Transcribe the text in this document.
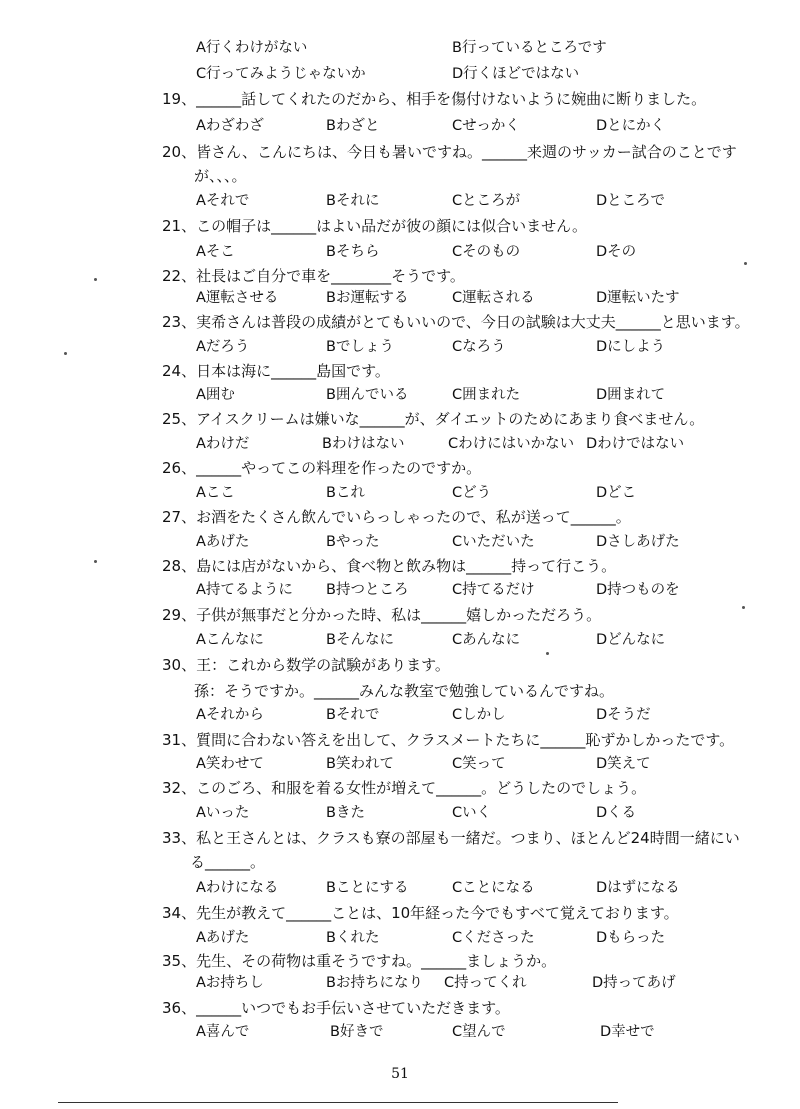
A行くわけがない	B行っているところです
C行ってみようじゃないか	D行くほどではない
19、______話してくれたのだから、相手を傷付けないように婉曲に断りました。
Aわざわざ	Bわざと	Cせっかく	Dとにかく
20、皆さん、こんにちは、今日も暑いですね。______来週のサッカー試合のことです
が、、、。
Aそれで	Bそれに	Cところが	Dところで
21、この帽子は______はよい品だが彼の顔には似合いません。
Aそこ	Bそちら	Cそのもの	Dその
22、社長はご自分で車を________そうです。
A運転させる	Bお運転する	C運転される	D運転いたす
23、実希さんは普段の成績がとてもいいので、今日の試験は大丈夫______と思います。
Aだろう	Bでしょう	Cなろう	Dにしよう
24、日本は海に______島国です。
A囲む	B囲んでいる	C囲まれた	D囲まれて
25、アイスクリームは嫌いな______が、ダイエットのためにあまり食べません。
Aわけだ	Bわけはない	Cわけにはいかない Dわけではない
26、______やってこの料理を作ったのですか。
Aここ	Bこれ	Cどう	Dどこ
27、お酒をたくさん飲んでいらっしゃったので、私が送って______。
Aあげた	Bやった	Cいただいた	Dさしあげた
28、島には店がないから、食べ物と飲み物は______持って行こう。
A持てるように B持つところ	C持てるだけ	D持つものを
29、子供が無事だと分かった時、私は______嬉しかっただろう。
Aこんなに	Bそんなに	Cあんなに	Dどんなに
30、王：これから数学の試験があります。
孫：そうですか。______みんな教室で勉強しているんですね。
Aそれから	Bそれで	Cしかし	Dそうだ
31、質問に合わない答えを出して、クラスメートたちに______恥ずかしかったです。
A笑わせて	B笑われて	C笑って	D笑えて
32、このごろ、和服を着る女性が増えて______。どうしたのでしょう。
Aいった	Bきた	Cいく	Dくる
33、私と王さんとは、クラスも寮の部屋も一緒だ。つまり、ほとんど24時間一緒にい
る______。
Aわけになる	Bことにする	Cことになる	Dはずになる
34、先生が教えて______ことは、10年経った今でもすべて覚えております。
Aあげた	Bくれた	Cくださった	Dもらった
35、先生、その荷物は重そうですね。______ましょうか。
Aお持ちし	Bお持ちになり C持ってくれ	D持ってあげ
36、______いつでもお手伝いさせていただきます。
A喜んで	B好きで	C望んで	D幸せで
51
